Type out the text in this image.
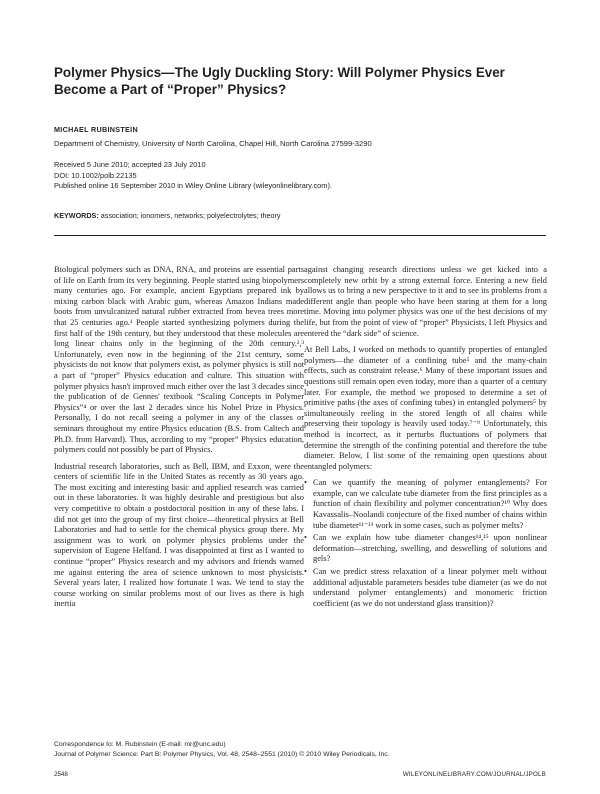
Polymer Physics—The Ugly Duckling Story: Will Polymer Physics Ever Become a Part of “Proper” Physics?
MICHAEL RUBINSTEIN
Department of Chemistry, University of North Carolina, Chapel Hill, North Carolina 27599-3290
Received 5 June 2010; accepted 23 July 2010
DOI: 10.1002/polb.22135
Published online 16 September 2010 in Wiley Online Library (wileyonlinelibrary.com).
KEYWORDS: association; ionomers, networks; polyelectrolytes; theory

Biological polymers such as DNA, RNA, and proteins are essential parts of life on Earth from its very beginning. People started using biopolymers many centuries ago. For example, ancient Egyptians prepared ink by mixing carbon black with Arabic gum, whereas Amazon Indians made boots from unvulcanized natural rubber extracted from hevea trees more that 25 centuries ago.¹ People started synthesizing polymers during the first half of the 19th century, but they understood that these molecules are long linear chains only in the beginning of the 20th century.²,³ Unfortunately, even now in the beginning of the 21st century, some physicists do not know that polymers exist, as polymer physics is still not a part of “proper” Physics education and culture. This situation with polymer physics hasn't improved much either over the last 3 decades since the publication of de Gennes' textbook “Scaling Concepts in Polymer Physics”⁴ or over the last 2 decades since his Nobel Prize in Physics. Personally, I do not recall seeing a polymer in any of the classes or seminars throughout my entire Physics education (B.S. from Caltech and Ph.D. from Harvard). Thus, according to my “proper” Physics education, polymers could not possibly be part of Physics.

Industrial research laboratories, such as Bell, IBM, and Exxon, were the centers of scientific life in the United States as recently as 30 years ago. The most exciting and interesting basic and applied research was carried out in these laboratories. It was highly desirable and prestigious but also very competitive to obtain a postdoctoral position in any of these labs. I did not get into the group of my first choice—theoretical physics at Bell Laboratories and had to settle for the chemical physics group there. My assignment was to work on polymer physics problems under the supervision of Eugene Helfand. I was disappointed at first as I wanted to continue “proper” Physics research and my advisors and friends warned me against entering the area of science unknown to most physicists. Several years later, I realized how fortunate I was. We tend to stay the course working on similar problems most of our lives as there is high inertia

against changing research directions unless we get kicked into a completely new orbit by a strong external force. Entering a new field allows us to bring a new perspective to it and to see its problems from a different angle than people who have been staring at them for a long time. Moving into polymer physics was one of the best decisions of my life, but from the point of view of “proper” Physicists, I left Physics and entered the “dark side” of science.

At Bell Labs, I worked on methods to quantify properties of entangled polymers—the diameter of a confining tube⁵ and the many-chain effects, such as constraint release.⁶ Many of these important issues and questions still remain open even today, more than a quarter of a century later. For example, the method we proposed to determine a set of primitive paths (the axes of confining tubes) in entangled polymers⁵ by simultaneously reeling in the stored length of all chains while preserving their topology is heavily used today.⁷⁻⁹ Unfortunately, this method is incorrect, as it perturbs fluctuations of polymers that determine the strength of the confining potential and therefore the tube diameter. Below, I list some of the remaining open questions about entangled polymers:

• Can we quantify the meaning of polymer entanglements? For example, can we calculate tube diameter from the first principles as a function of chain flexibility and polymer concentration?¹⁰ Why does Kavassalis–Noolandi conjecture of the fixed number of chains within tube diameter¹¹⁻¹³ work in some cases, such as polymer melts?
• Can we explain how tube diameter changes¹⁴,¹⁵ upon nonlinear deformation—stretching, swelling, and deswelling of solutions and gels?
• Can we predict stress relaxation of a linear polymer melt without additional adjustable parameters besides tube diameter (as we do not understand polymer entanglements) and monomeric friction coefficient (as we do not understand glass transition)?
Correspondence to: M. Rubinstein (E-mail: mr@unc.edu)
Journal of Polymer Science: Part B: Polymer Physics, Vol. 48, 2548–2551 (2010) © 2010 Wiley Periodicals, Inc.
2548	WILEYONLINELIBRARY.COM/JOURNAL/JPOLB
